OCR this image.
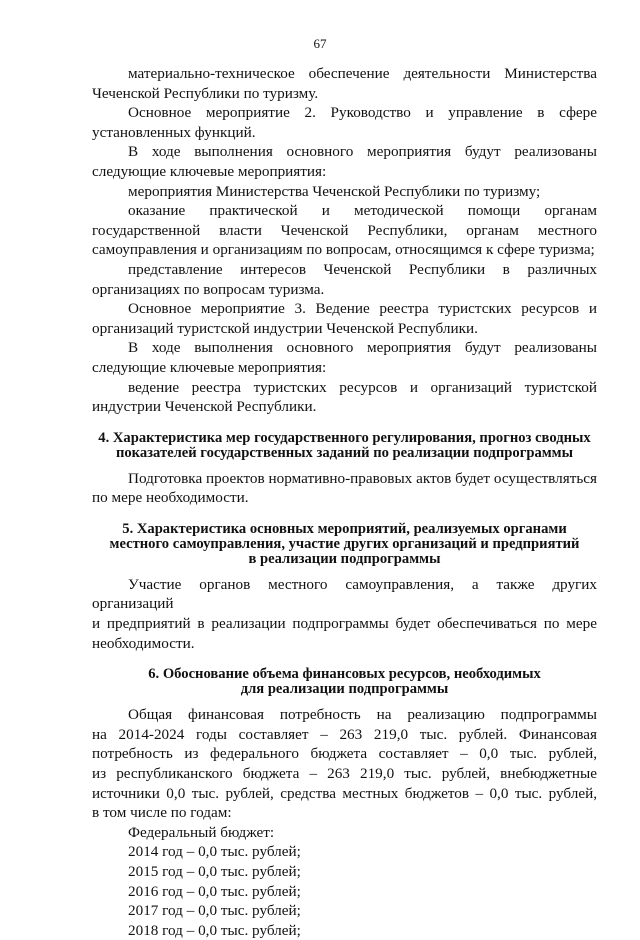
67
материально-техническое обеспечение деятельности Министерства
Чеченской Республики по туризму.
Основное мероприятие 2. Руководство и управление в сфере
установленных функций.
В ходе выполнения основного мероприятия будут реализованы
следующие ключевые мероприятия:
мероприятия Министерства Чеченской Республики по туризму;
оказание практической и методической помощи органам
государственной власти Чеченской Республики, органам местного
самоуправления и организациям по вопросам, относящимся к сфере туризма;
представление интересов Чеченской Республики в различных
организациях по вопросам туризма.
Основное мероприятие 3. Ведение реестра туристских ресурсов и
организаций туристской индустрии Чеченской Республики.
В ходе выполнения основного мероприятия будут реализованы
следующие ключевые мероприятия:
ведение реестра туристских ресурсов и организаций туристской
индустрии Чеченской Республики.
4. Характеристика мер государственного регулирования, прогноз сводных
показателей государственных заданий по реализации подпрограммы
Подготовка проектов нормативно-правовых актов будет осуществляться
по мере необходимости.
5. Характеристика основных мероприятий, реализуемых органами
местного самоуправления, участие других организаций и предприятий
в реализации подпрограммы
Участие органов местного самоуправления, а также других организаций
и предприятий в реализации подпрограммы будет обеспечиваться по мере
необходимости.
6. Обоснование объема финансовых ресурсов, необходимых
для реализации подпрограммы
Общая финансовая потребность на реализацию подпрограммы
на 2014-2024 годы составляет – 263 219,0 тыс. рублей. Финансовая
потребность из федерального бюджета составляет – 0,0 тыс. рублей,
из республиканского бюджета – 263 219,0 тыс. рублей, внебюджетные
источники 0,0 тыс. рублей, средства местных бюджетов – 0,0 тыс. рублей,
в том числе по годам:
Федеральный бюджет:
2014 год – 0,0 тыс. рублей;
2015 год – 0,0 тыс. рублей;
2016 год – 0,0 тыс. рублей;
2017 год – 0,0 тыс. рублей;
2018 год – 0,0 тыс. рублей;
